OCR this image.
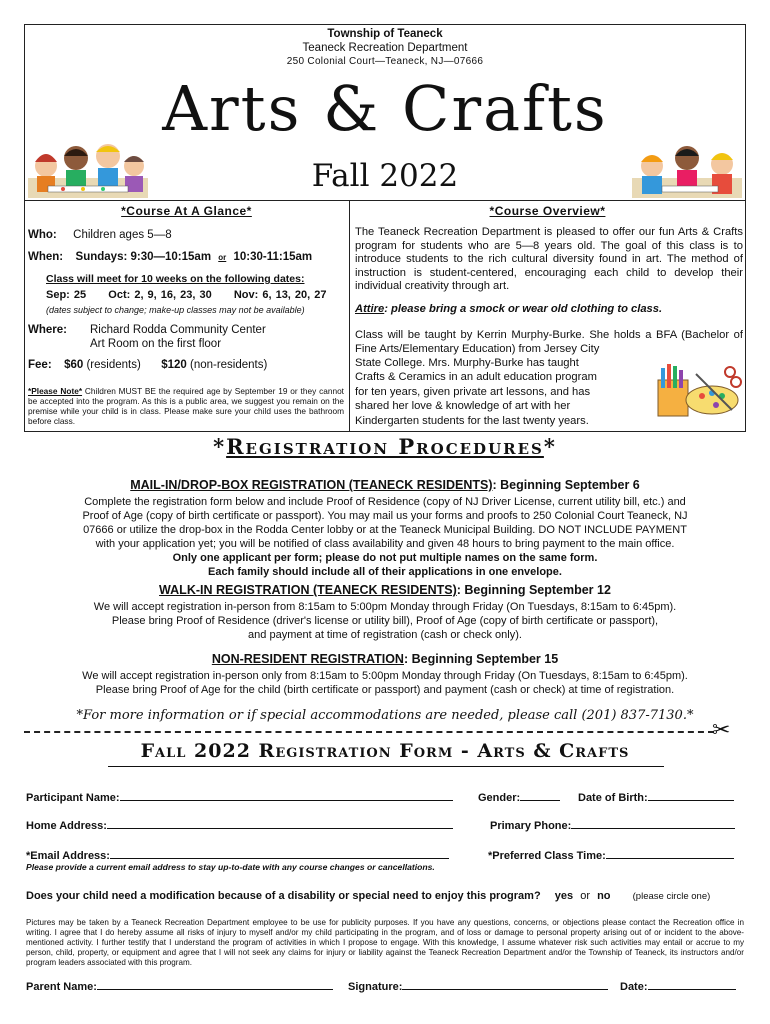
Township of Teaneck
Teaneck Recreation Department
250 Colonial Court—Teaneck, NJ—07666
Arts & Crafts
Fall 2022
*Course At A Glance*
Who: Children ages 5—8
When: Sundays: 9:30—10:15am or 10:30-11:15am
Class will meet for 10 weeks on the following dates:
Sep: 25 Oct: 2, 9, 16, 23, 30 Nov: 6, 13, 20, 27
(dates subject to change; make-up classes may not be available)
Where: Richard Rodda Community Center
Art Room on the first floor
Fee: $60 (residents) $120 (non-residents)
*Please Note* Children MUST BE the required age by September 19 or they cannot be accepted into the program. As this is a public area, we suggest you remain on the premise while your child is in class. Please make sure your child uses the bathroom before class.
*Course Overview*
The Teaneck Recreation Department is pleased to offer our fun Arts & Crafts program for students who are 5—8 years old. The goal of this class is to introduce students to the rich cultural diversity found in art. The method of instruction is student-centered, encouraging each child to develop their individual creativity through art.
Attire: please bring a smock or wear old clothing to class.
Class will be taught by Kerrin Murphy-Burke. She holds a BFA (Bachelor of Fine Arts/Elementary Education) from Jersey City
State College. Mrs. Murphy-Burke has taught
Crafts & Ceramics in an adult education program
for ten years, given private art lessons, and has
shared her love & knowledge of art with her
Kindergarten students for the last twenty years.
*Registration Procedures*
MAIL-IN/DROP-BOX REGISTRATION (TEANECK RESIDENTS): Beginning September 6
Complete the registration form below and include Proof of Residence (copy of NJ Driver License, current utility bill, etc.) and
Proof of Age (copy of birth certificate or passport). You may mail us your forms and proofs to 250 Colonial Court Teaneck, NJ
07666 or utilize the drop-box in the Rodda Center lobby or at the Teaneck Municipal Building. DO NOT INCLUDE PAYMENT
with your application yet; you will be notified of class availability and given 48 hours to bring payment to the main office.
Only one applicant per form; please do not put multiple names on the same form.
Each family should include all of their applications in one envelope.
WALK-IN REGISTRATION (TEANECK RESIDENTS): Beginning September 12
We will accept registration in-person from 8:15am to 5:00pm Monday through Friday (On Tuesdays, 8:15am to 6:45pm).
Please bring Proof of Residence (driver's license or utility bill), Proof of Age (copy of birth certificate or passport),
and payment at time of registration (cash or check only).
NON-RESIDENT REGISTRATION: Beginning September 15
We will accept registration in-person only from 8:15am to 5:00pm Monday through Friday (On Tuesdays, 8:15am to 6:45pm).
Please bring Proof of Age for the child (birth certificate or passport) and payment (cash or check) at time of registration.
*For more information or if special accommodations are needed, please call (201) 837-7130.*
✂
Fall 2022 Registration Form - Arts & Crafts
Participant Name:	Gender:	Date of Birth:
Home Address:	Primary Phone:
*Email Address:	*Preferred Class Time:
Please provide a current email address to stay up-to-date with any course changes or cancellations.
Does your child need a modification because of a disability or special need to enjoy this program? yes or no (please circle one)
Pictures may be taken by a Teaneck Recreation Department employee to be use for publicity purposes. If you have any questions, concerns, or objections please contact the Recreation office in writing. I agree that I do hereby assume all risks of injury to myself and/or my child participating in the program, and of loss or damage to personal property arising out of or incident to the above-mentioned activity. I further testify that I understand the program of activities in which I propose to engage. With this knowledge, I assume whatever risk such activities may entail or accrue to my person, child, property, or equipment and agree that I will not seek any claims for injury or liability against the Teaneck Recreation Department and/or the Township of Teaneck, its instructors and/or program leaders associated with this program.
Parent Name:	Signature:	Date:
